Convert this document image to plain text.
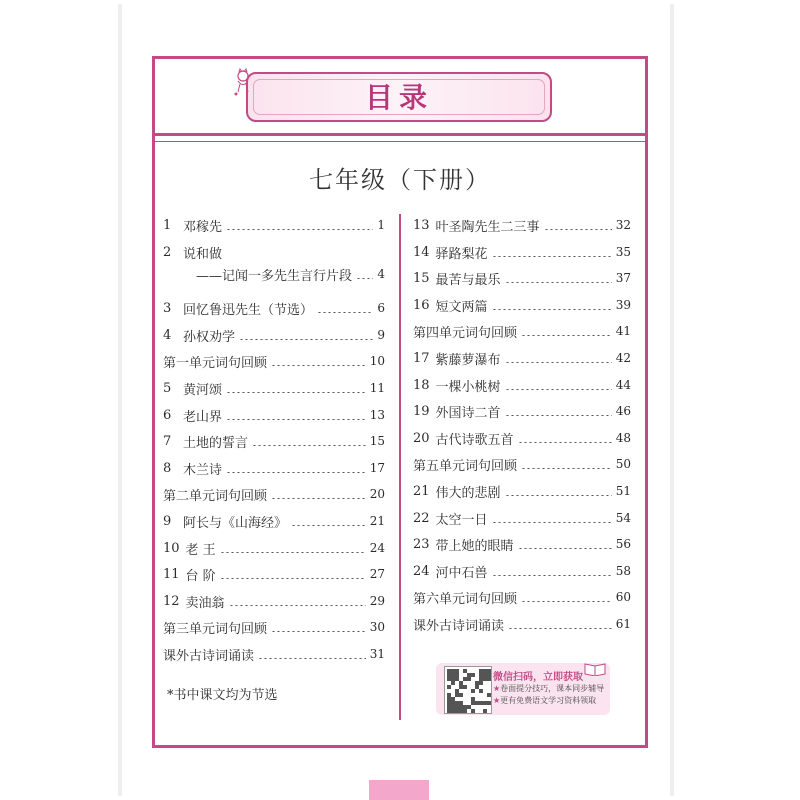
目录
七年级（下册）
1 邓稼先	1
2 说和做
——记闻一多先生言行片段 4
3 回忆鲁迅先生（节选）	6
4 孙权劝学	9
第一单元词句回顾	10
5 黄河颂	11
6 老山界	13
7 土地的誓言	15
8 木兰诗	17
第二单元词句回顾	20
9 阿长与《山海经》	21
10 老 王	24
11 台 阶	27
12 卖油翁	29
第三单元词句回顾	30
课外古诗词诵读	31
13 叶圣陶先生二三事	32
14 驿路梨花	35
15 最苦与最乐	37
16 短文两篇	39
第四单元词句回顾	41
17 紫藤萝瀑布	42
18 一棵小桃树	44
19 外国诗二首	46
20 古代诗歌五首	48
第五单元词句回顾	50
21 伟大的悲剧	51
22 太空一日	54
23 带上她的眼睛	56
24 河中石兽	58
第六单元词句回顾	60
课外古诗词诵读	61
*书中课文均为节选
微信扫码，立即获取
★卷面提分技巧，课本同步辅导
★更有免费语文学习资料领取
